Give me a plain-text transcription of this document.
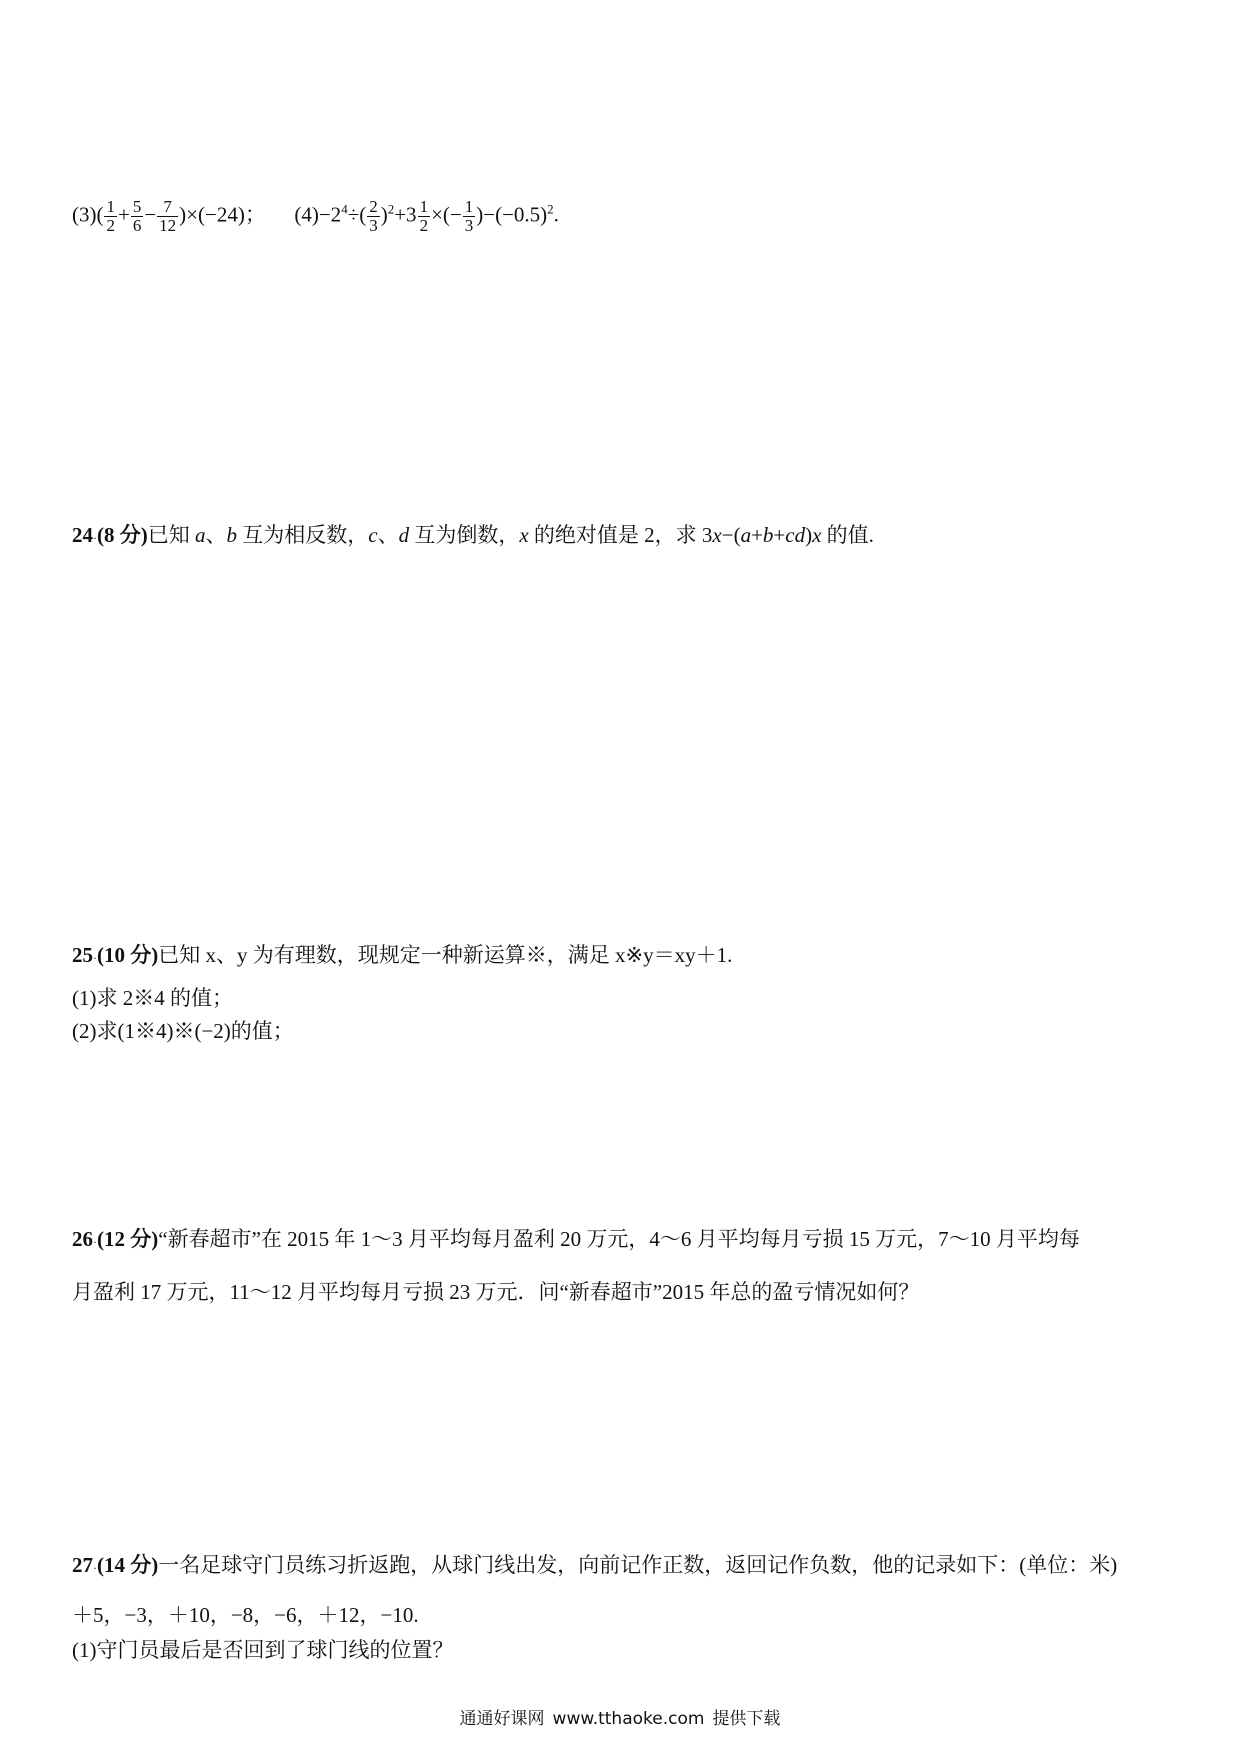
$(3)( \frac{1}{2} + \frac{5}{6} - \frac{7}{12} )\times(-24)$； $(4)-2^4\div( \frac{2}{3} )^2+3 \frac{1}{2}$ ×(− $\frac{1}{3} )-(-0.5)^2$.
24·(8 分)已知 a、b 互为相反数，c、d 互为倒数，x 的绝对值是 2，求 3x−(a+b+cd)x 的值.
25·(10 分)已知 x、y 为有理数，现规定一种新运算※，满足 x※y＝xy＋1.
(1)求 2※4 的值；
(2)求(1※4)※(−2)的值；
26·(12 分)“新春超市”在 2015 年 1～3 月平均每月盈利 20 万元，4～6 月平均每月亏损 15 万元，7～10 月平均每
月盈利 17 万元，11～12 月平均每月亏损 23 万元．问“新春超市”2015 年总的盈亏情况如何？
27·(14 分)一名足球守门员练习折返跑，从球门线出发，向前记作正数，返回记作负数，他的记录如下：(单位：米)
＋5，−3，＋10，−8，−6，＋12，−10.
(1)守门员最后是否回到了球门线的位置？
通通好课网 www.tthaoke.com 提供下载
